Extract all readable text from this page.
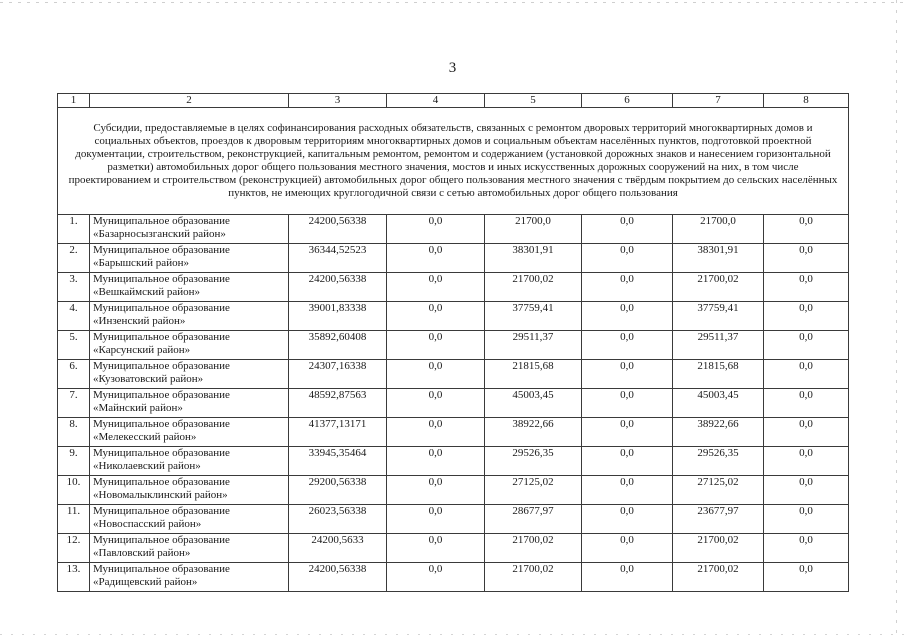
3
1	2	3	4	5	6	7	8
Субсидии, предоставляемые в целях софинансирования расходных обязательств, связанных с ремонтом дворовых территорий многоквартирных домов и социальных объектов, проездов к дворовым территориям многоквартирных домов и социальным объектам населённых пунктов, подготовкой проектной документации, строительством, реконструкцией, капитальным ремонтом, ремонтом и содержанием (установкой дорожных знаков и нанесением горизонтальной разметки) автомобильных дорог общего пользования местного значения, мостов и иных искусственных дорожных сооружений на них, в том числе проектированием и строительством (реконструкцией) автомобильных дорог общего пользования местного значения с твёрдым покрытием до сельских населённых пунктов, не имеющих круглогодичной связи с сетью автомобильных дорог общего пользования							
1.	Муниципальное образование
«Базарносызганский район»	24200,56338	0,0	21700,0	0,0	21700,0	0,0
2.	Муниципальное образование
«Барышский район»	36344,52523	0,0	38301,91	0,0	38301,91	0,0
3.	Муниципальное образование
«Вешкаймский район»	24200,56338	0,0	21700,02	0,0	21700,02	0,0
4.	Муниципальное образование
«Инзенский район»	39001,83338	0,0	37759,41	0,0	37759,41	0,0
5.	Муниципальное образование
«Карсунский район»	35892,60408	0,0	29511,37	0,0	29511,37	0,0
6.	Муниципальное образование
«Кузоватовский район»	24307,16338	0,0	21815,68	0,0	21815,68	0,0
7.	Муниципальное образование
«Майнский район»	48592,87563	0,0	45003,45	0,0	45003,45	0,0
8.	Муниципальное образование
«Мелекесский район»	41377,13171	0,0	38922,66	0,0	38922,66	0,0
9.	Муниципальное образование
«Николаевский район»	33945,35464	0,0	29526,35	0,0	29526,35	0,0
10.	Муниципальное образование
«Новомалыклинский район»	29200,56338	0,0	27125,02	0,0	27125,02	0,0
11.	Муниципальное образование
«Новоспасский район»	26023,56338	0,0	28677,97	0,0	23677,97	0,0
12.	Муниципальное образование
«Павловский район»	24200,5633	0,0	21700,02	0,0	21700,02	0,0
13.	Муниципальное образование
«Радищевский район»	24200,56338	0,0	21700,02	0,0	21700,02	0,0
